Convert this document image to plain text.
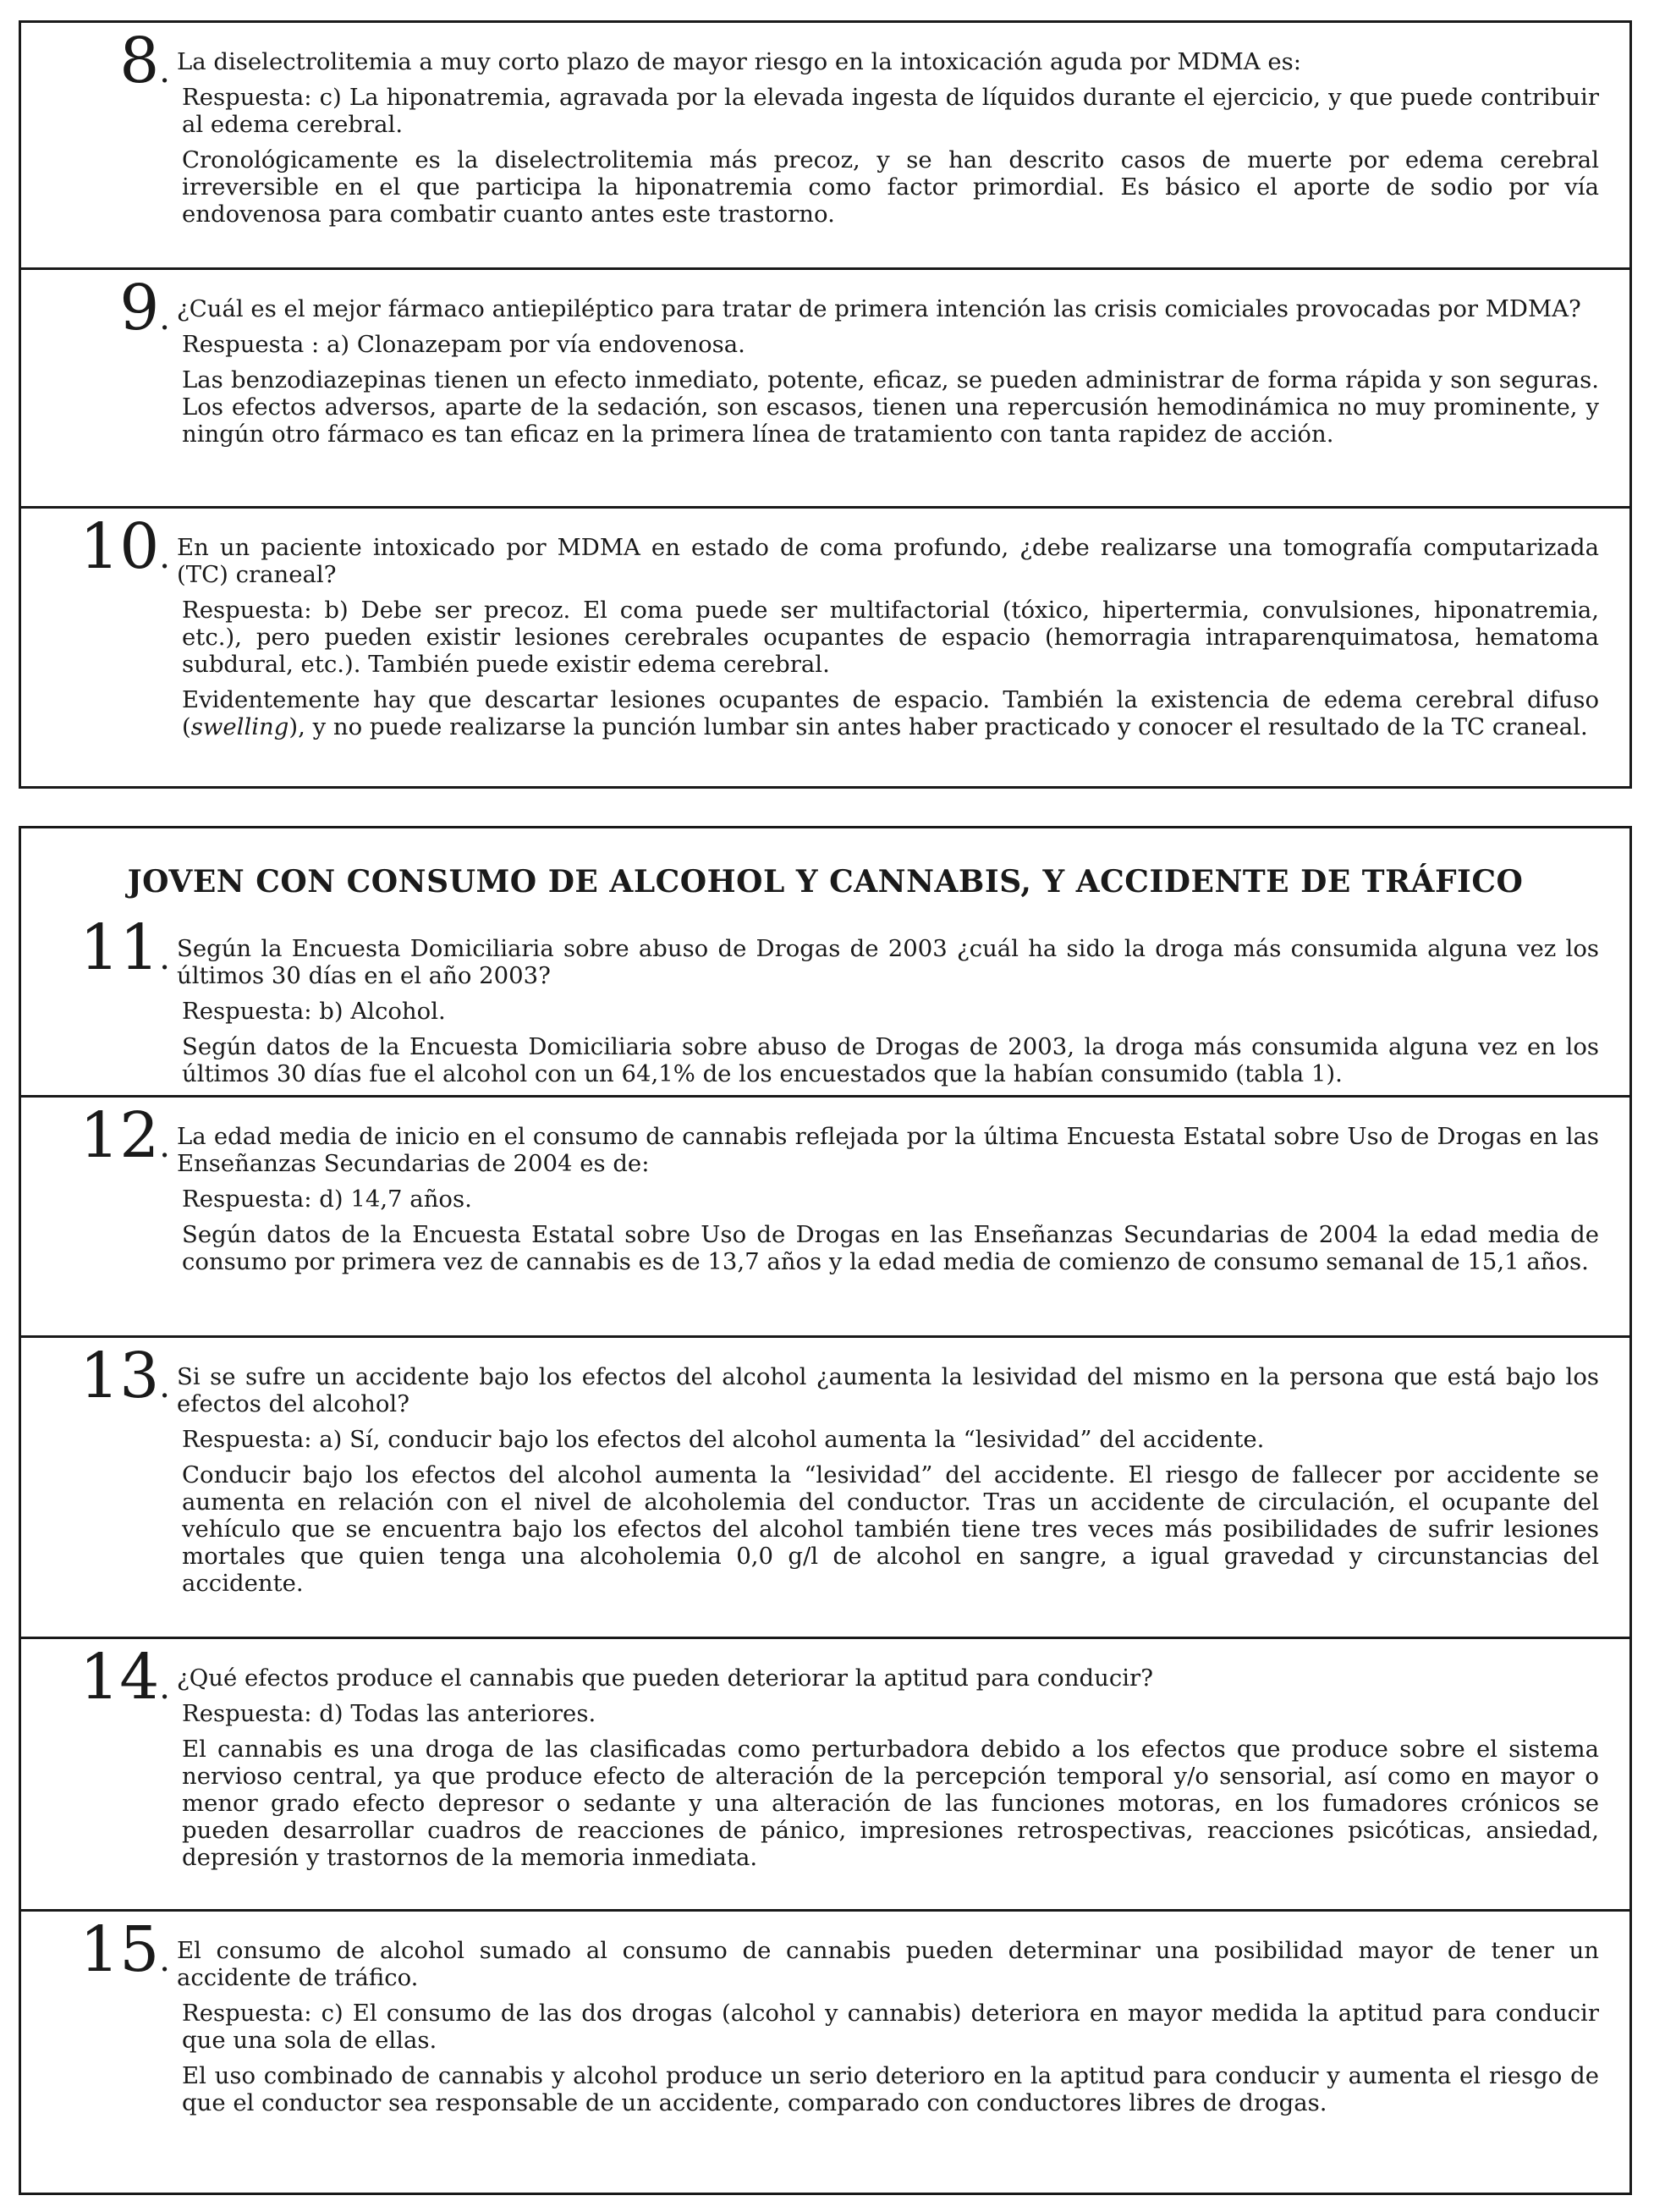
8. La diselectrolitemia a muy corto plazo de mayor riesgo en la intoxicación aguda por MDMA es:

Respuesta: c) La hiponatremia, agravada por la elevada ingesta de líquidos durante el ejercicio, y que puede contribuir al edema cerebral.

Cronológicamente es la diselectrolitemia más precoz, y se han descrito casos de muerte por edema cerebral irreversible en el que participa la hiponatremia como factor primordial. Es básico el aporte de sodio por vía endovenosa para combatir cuanto antes este trastorno.

9. ¿Cuál es el mejor fármaco antiepiléptico para tratar de primera intención las crisis comiciales provocadas por MDMA?

Respuesta : a) Clonazepam por vía endovenosa.

Las benzodiazepinas tienen un efecto inmediato, potente, eficaz, se pueden administrar de forma rápida y son seguras. Los efectos adversos, aparte de la sedación, son escasos, tienen una repercusión hemodinámica no muy prominente, y ningún otro fármaco es tan eficaz en la primera línea de tratamiento con tanta rapidez de acción.

10. En un paciente intoxicado por MDMA en estado de coma profundo, ¿debe realizarse una tomografía computarizada (TC) craneal?

Respuesta: b) Debe ser precoz. El coma puede ser multifactorial (tóxico, hipertermia, convulsiones, hiponatremia, etc.), pero pueden existir lesiones cerebrales ocupantes de espacio (hemorragia intraparenquimatosa, hematoma subdural, etc.). También puede existir edema cerebral.

Evidentemente hay que descartar lesiones ocupantes de espacio. También la existencia de edema cerebral difuso (swelling), y no puede realizarse la punción lumbar sin antes haber practicado y conocer el resultado de la TC craneal.

JOVEN CON CONSUMO DE ALCOHOL Y CANNABIS, Y ACCIDENTE DE TRÁFICO
11. Según la Encuesta Domiciliaria sobre abuso de Drogas de 2003 ¿cuál ha sido la droga más consumida alguna vez los últimos 30 días en el año 2003?

Respuesta: b) Alcohol.

Según datos de la Encuesta Domiciliaria sobre abuso de Drogas de 2003, la droga más consumida alguna vez en los últimos 30 días fue el alcohol con un 64,1% de los encuestados que la habían consumido (tabla 1).

12. La edad media de inicio en el consumo de cannabis reflejada por la última Encuesta Estatal sobre Uso de Drogas en las Enseñanzas Secundarias de 2004 es de:

Respuesta: d) 14,7 años.

Según datos de la Encuesta Estatal sobre Uso de Drogas en las Enseñanzas Secundarias de 2004 la edad media de consumo por primera vez de cannabis es de 13,7 años y la edad media de comienzo de consumo semanal de 15,1 años.

13. Si se sufre un accidente bajo los efectos del alcohol ¿aumenta la lesividad del mismo en la persona que está bajo los efectos del alcohol?

Respuesta: a) Sí, conducir bajo los efectos del alcohol aumenta la “lesividad” del accidente.

Conducir bajo los efectos del alcohol aumenta la “lesividad” del accidente. El riesgo de fallecer por accidente se aumenta en relación con el nivel de alcoholemia del conductor. Tras un accidente de circulación, el ocupante del vehículo que se encuentra bajo los efectos del alcohol también tiene tres veces más posibilidades de sufrir lesiones mortales que quien tenga una alcoholemia 0,0 g/l de alcohol en sangre, a igual gravedad y circunstancias del accidente.

14. ¿Qué efectos produce el cannabis que pueden deteriorar la aptitud para conducir?

Respuesta: d) Todas las anteriores.

El cannabis es una droga de las clasificadas como perturbadora debido a los efectos que produce sobre el sistema nervioso central, ya que produce efecto de alteración de la percepción temporal y/o sensorial, así como en mayor o menor grado efecto depresor o sedante y una alteración de las funciones motoras, en los fumadores crónicos se pueden desarrollar cuadros de reacciones de pánico, impresiones retrospectivas, reacciones psicóticas, ansiedad, depresión y trastornos de la memoria inmediata.

15. El consumo de alcohol sumado al consumo de cannabis pueden determinar una posibilidad mayor de tener un accidente de tráfico.

Respuesta: c) El consumo de las dos drogas (alcohol y cannabis) deteriora en mayor medida la aptitud para conducir que una sola de ellas.

El uso combinado de cannabis y alcohol produce un serio deterioro en la aptitud para conducir y aumenta el riesgo de que el conductor sea responsable de un accidente, comparado con conductores libres de drogas.
